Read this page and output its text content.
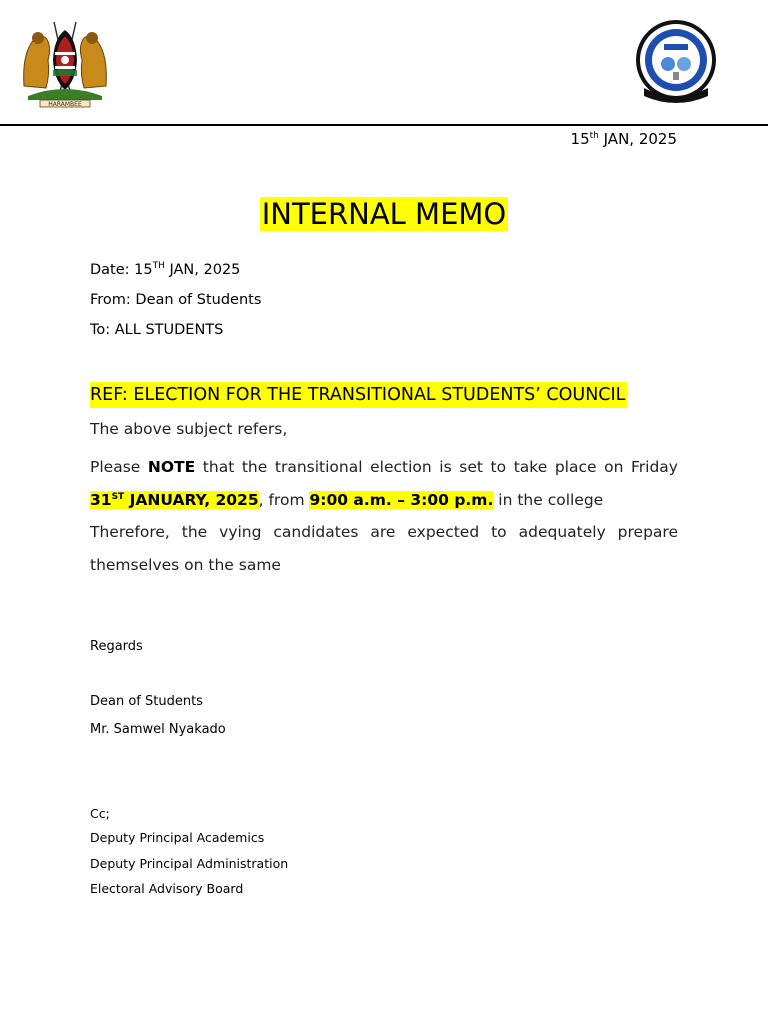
HARAMBEE
15th JAN, 2025
INTERNAL MEMO
Date: 15TH JAN, 2025
From: Dean of Students
To: ALL STUDENTS
REF: ELECTION FOR THE TRANSITIONAL STUDENTS’ COUNCIL
The above subject refers,
Please NOTE that the transitional election is set to take place on Friday 31ST JANUARY, 2025, from 9:00 a.m. – 3:00 p.m. in the college
Therefore, the vying candidates are expected to adequately prepare themselves on the same
Regards
Dean of Students
Mr. Samwel Nyakado
Cc;
Deputy Principal Academics
Deputy Principal Administration
Electoral Advisory Board
